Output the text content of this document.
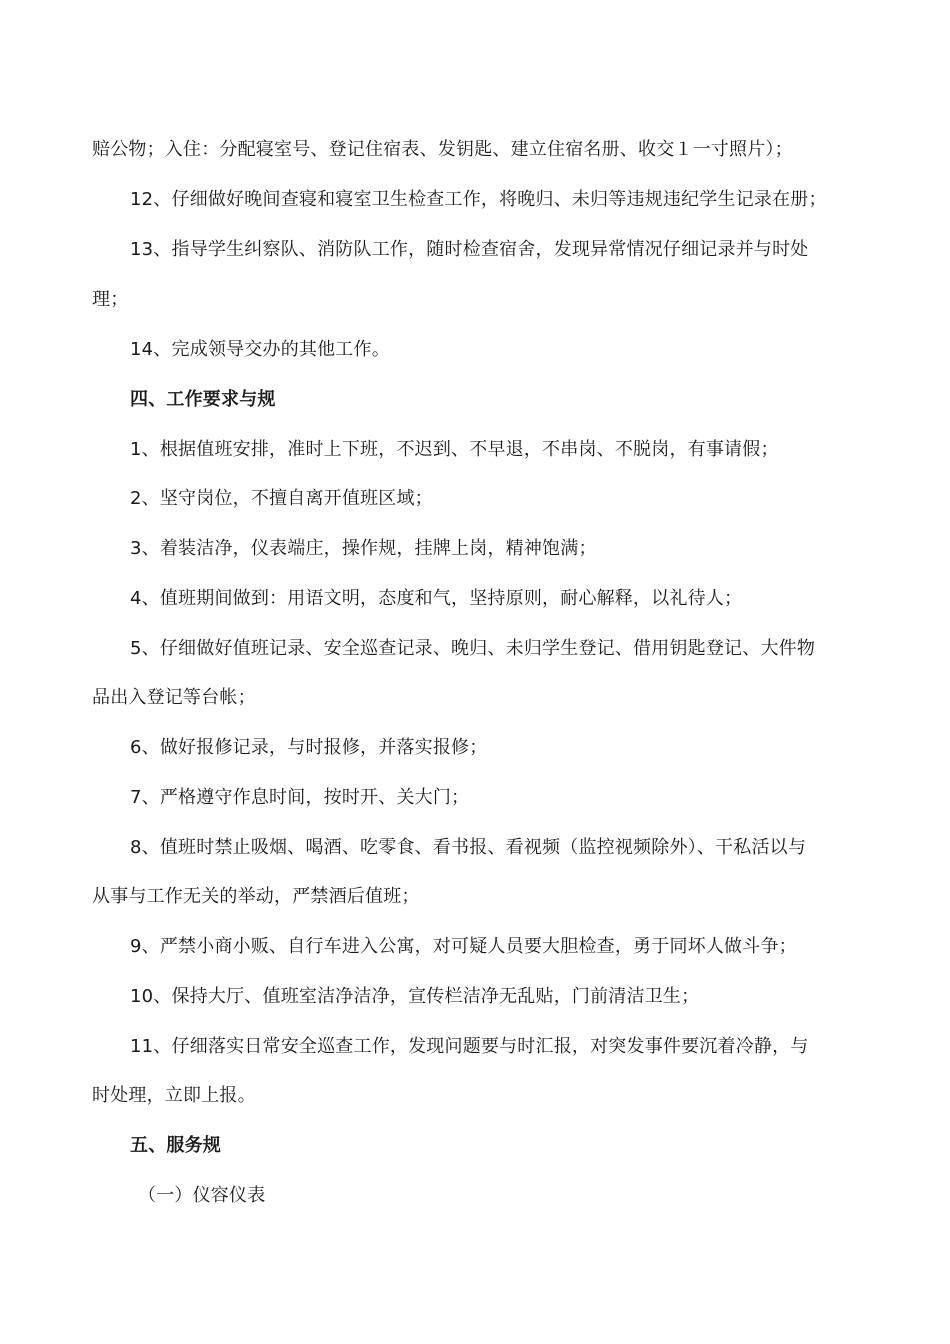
赔公物；入住：分配寝室号、登记住宿表、发钥匙、建立住宿名册、收交１一寸照片）；
12、仔细做好晚间查寝和寝室卫生检查工作，将晚归、未归等违规违纪学生记录在册；
13、指导学生纠察队、消防队工作，随时检查宿舍，发现异常情况仔细记录并与时处
理；
14、完成领导交办的其他工作。
四、工作要求与规
1、根据值班安排，准时上下班，不迟到、不早退，不串岗、不脱岗，有事请假；
2、坚守岗位，不擅自离开值班区域；
3、着装洁净，仪表端庄，操作规，挂牌上岗，精神饱满；
4、值班期间做到：用语文明，态度和气，坚持原则，耐心解释，以礼待人；
5、仔细做好值班记录、安全巡查记录、晚归、未归学生登记、借用钥匙登记、大件物
品出入登记等台帐；
6、做好报修记录，与时报修，并落实报修；
7、严格遵守作息时间，按时开、关大门；
8、值班时禁止吸烟、喝酒、吃零食、看书报、看视频（监控视频除外）、干私活以与
从事与工作无关的举动，严禁酒后值班；
9、严禁小商小贩、自行车进入公寓，对可疑人员要大胆检查，勇于同坏人做斗争；
10、保持大厅、值班室洁净洁净，宣传栏洁净无乱贴，门前清洁卫生；
11、仔细落实日常安全巡查工作，发现问题要与时汇报，对突发事件要沉着冷静，与
时处理，立即上报。
五、服务规
（一）仪容仪表
